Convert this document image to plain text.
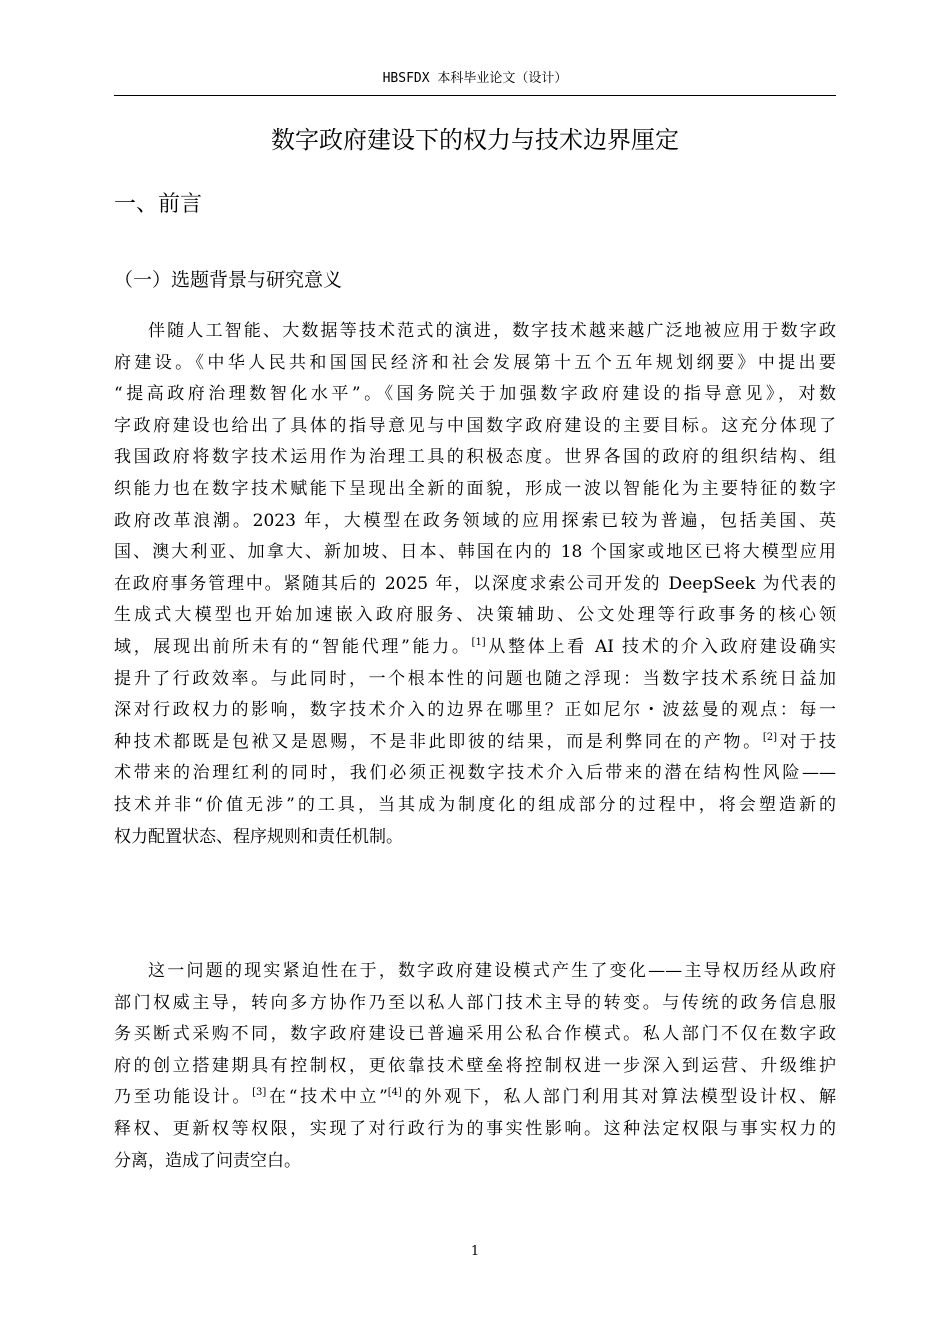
HBSFDX 本科毕业论文（设计）
数字政府建设下的权力与技术边界厘定
一、前言
（一）选题背景与研究意义
伴随人工智能、大数据等技术范式的演进，数字技术越来越广泛地被应用于数字政
府建设。《中华人民共和国国民经济和社会发展第十五个五年规划纲要》中提出要
“提高政府治理数智化水平”。《国务院关于加强数字政府建设的指导意见》，对数
字政府建设也给出了具体的指导意见与中国数字政府建设的主要目标。这充分体现了
我国政府将数字技术运用作为治理工具的积极态度。世界各国的政府的组织结构、组
织能力也在数字技术赋能下呈现出全新的面貌，形成一波以智能化为主要特征的数字
政府改革浪潮。2023 年，大模型在政务领域的应用探索已较为普遍，包括美国、英
国、澳大利亚、加拿大、新加坡、日本、韩国在内的 18 个国家或地区已将大模型应用
在政府事务管理中。紧随其后的 2025 年，以深度求索公司开发的 DeepSeek 为代表的
生成式大模型也开始加速嵌入政府服务、决策辅助、公文处理等行政事务的核心领
域，展现出前所未有的“智能代理”能力。[1]从整体上看 AI 技术的介入政府建设确实
提升了行政效率。与此同时，一个根本性的问题也随之浮现：当数字技术系统日益加
深对行政权力的影响，数字技术介入的边界在哪里？正如尼尔・波兹曼的观点：每一
种技术都既是包袱又是恩赐，不是非此即彼的结果，而是利弊同在的产物。[2]对于技
术带来的治理红利的同时，我们必须正视数字技术介入后带来的潜在结构性风险——
技术并非“价值无涉”的工具，当其成为制度化的组成部分的过程中，将会塑造新的
权力配置状态、程序规则和责任机制。
这一问题的现实紧迫性在于，数字政府建设模式产生了变化——主导权历经从政府
部门权威主导，转向多方协作乃至以私人部门技术主导的转变。与传统的政务信息服
务买断式采购不同，数字政府建设已普遍采用公私合作模式。私人部门不仅在数字政
府的创立搭建期具有控制权，更依靠技术壁垒将控制权进一步深入到运营、升级维护
乃至功能设计。[3]在“技术中立”[4]的外观下，私人部门利用其对算法模型设计权、解
释权、更新权等权限，实现了对行政行为的事实性影响。这种法定权限与事实权力的
分离，造成了问责空白。
1
